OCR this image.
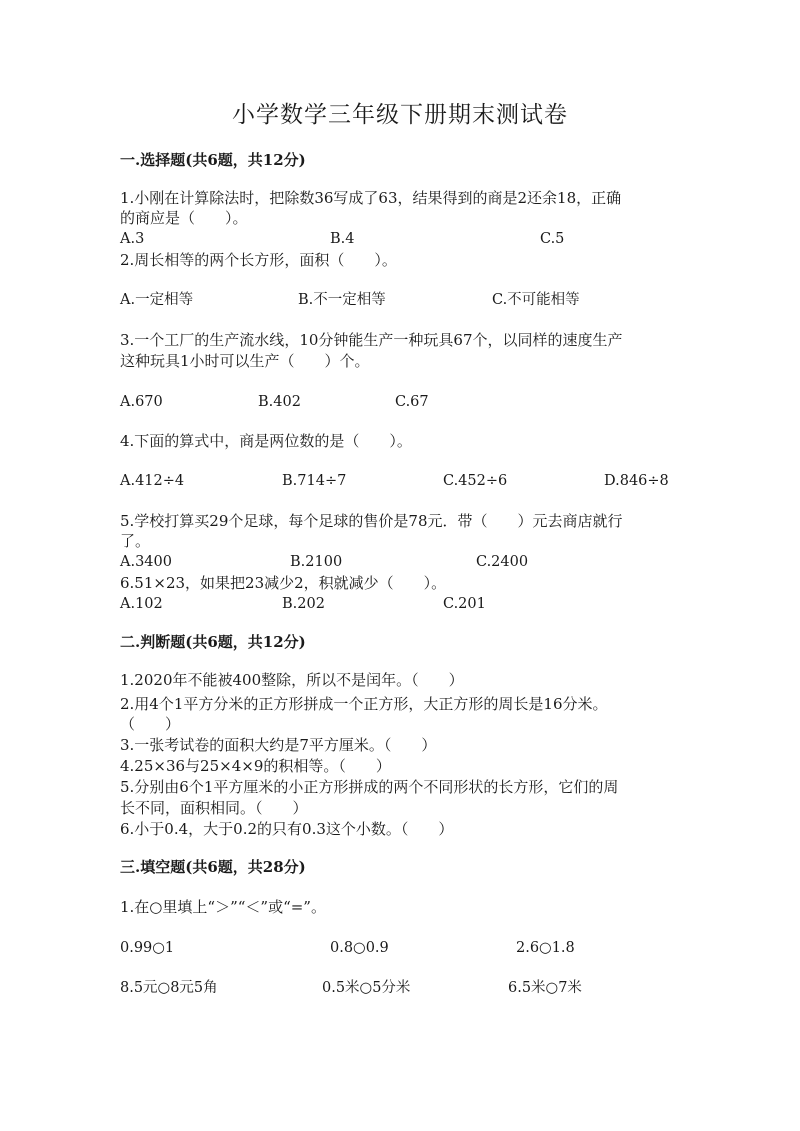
小学数学三年级下册期末测试卷
一.选择题(共6题，共12分)
1.小刚在计算除法时，把除数36写成了63，结果得到的商是2还余18，正确
的商应是（　　）。
A.3	B.4	C.5
2.周长相等的两个长方形，面积（　　）。
A.一定相等	B.不一定相等	C.不可能相等
3.一个工厂的生产流水线，10分钟能生产一种玩具67个，以同样的速度生产
这种玩具1小时可以生产（　　）个。
A.670	B.402	C.67
4.下面的算式中，商是两位数的是（　　）。
A.412÷4	B.714÷7	C.452÷6	D.846÷8
5.学校打算买29个足球，每个足球的售价是78元．带（　　）元去商店就行
了。
A.3400	B.2100	C.2400
6.51×23，如果把23减少2，积就减少（　　）。
A.102	B.202	C.201
二.判断题(共6题，共12分)
1.2020年不能被400整除，所以不是闰年。（　　）
2.用4个1平方分米的正方形拼成一个正方形，大正方形的周长是16分米。
（　　）
3.一张考试卷的面积大约是7平方厘米。（　　）
4.25×36与25×4×9的积相等。（　　）
5.分别由6个1平方厘米的小正方形拼成的两个不同形状的长方形，它们的周
长不同，面积相同。（　　）
6.小于0.4，大于0.2的只有0.3这个小数。（　　）
三.填空题(共6题，共28分)
1.在○里填上“＞”“＜”或“=”。
0.99○1	0.8○0.9	2.6○1.8
8.5元○8元5角	0.5米○5分米	6.5米○7米
